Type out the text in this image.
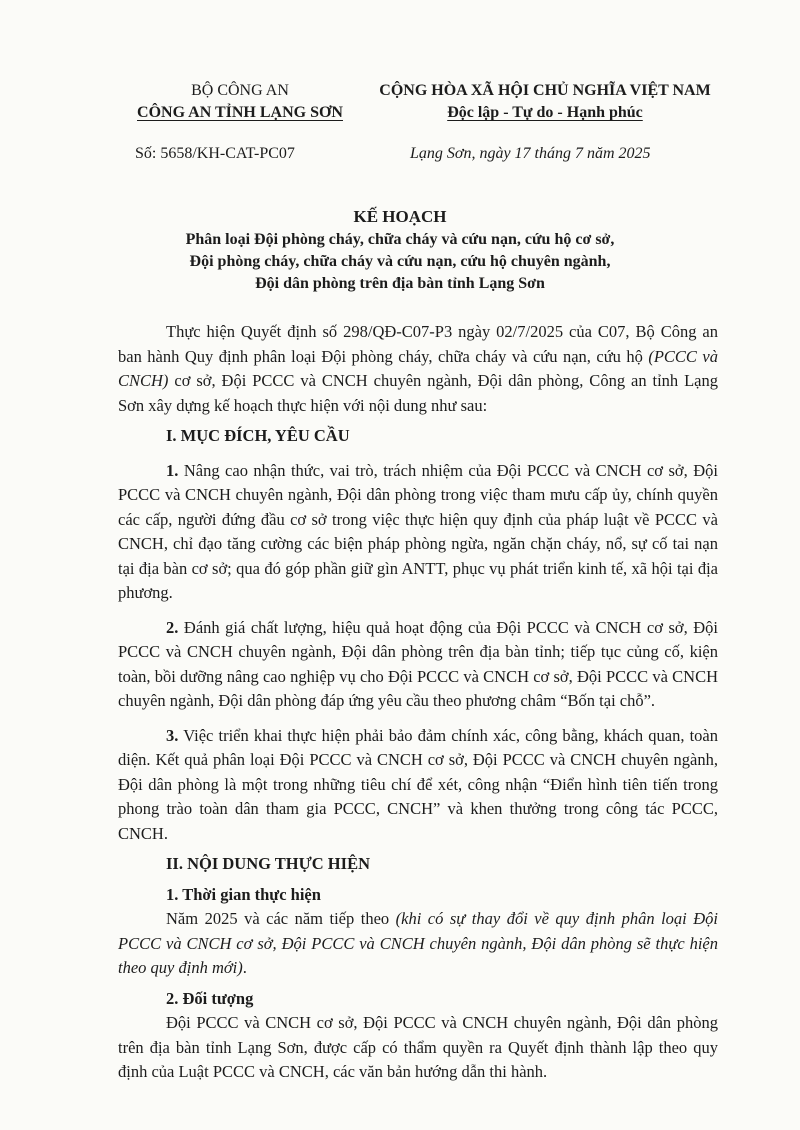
BỘ CÔNG AN
CÔNG AN TỈNH LẠNG SƠN
CỘNG HÒA XÃ HỘI CHỦ NGHĨA VIỆT NAM
Độc lập - Tự do - Hạnh phúc
Số: 5658/KH-CAT-PC07	Lạng Sơn, ngày 17 tháng 7 năm 2025
KẾ HOẠCH
Phân loại Đội phòng cháy, chữa cháy và cứu nạn, cứu hộ cơ sở,
Đội phòng cháy, chữa cháy và cứu nạn, cứu hộ chuyên ngành,
Đội dân phòng trên địa bàn tỉnh Lạng Sơn

Thực hiện Quyết định số 298/QĐ-C07-P3 ngày 02/7/2025 của C07, Bộ Công an ban hành Quy định phân loại Đội phòng cháy, chữa cháy và cứu nạn, cứu hộ (PCCC và CNCH) cơ sở, Đội PCCC và CNCH chuyên ngành, Đội dân phòng, Công an tỉnh Lạng Sơn xây dựng kế hoạch thực hiện với nội dung như sau:

I. MỤC ĐÍCH, YÊU CẦU

1. Nâng cao nhận thức, vai trò, trách nhiệm của Đội PCCC và CNCH cơ sở, Đội PCCC và CNCH chuyên ngành, Đội dân phòng trong việc tham mưu cấp ủy, chính quyền các cấp, người đứng đầu cơ sở trong việc thực hiện quy định của pháp luật về PCCC và CNCH, chỉ đạo tăng cường các biện pháp phòng ngừa, ngăn chặn cháy, nổ, sự cố tai nạn tại địa bàn cơ sở; qua đó góp phần giữ gìn ANTT, phục vụ phát triển kinh tế, xã hội tại địa phương.

2. Đánh giá chất lượng, hiệu quả hoạt động của Đội PCCC và CNCH cơ sở, Đội PCCC và CNCH chuyên ngành, Đội dân phòng trên địa bàn tỉnh; tiếp tục củng cố, kiện toàn, bồi dưỡng nâng cao nghiệp vụ cho Đội PCCC và CNCH cơ sở, Đội PCCC và CNCH chuyên ngành, Đội dân phòng đáp ứng yêu cầu theo phương châm “Bốn tại chỗ”.

3. Việc triển khai thực hiện phải bảo đảm chính xác, công bằng, khách quan, toàn diện. Kết quả phân loại Đội PCCC và CNCH cơ sở, Đội PCCC và CNCH chuyên ngành, Đội dân phòng là một trong những tiêu chí để xét, công nhận “Điển hình tiên tiến trong phong trào toàn dân tham gia PCCC, CNCH” và khen thưởng trong công tác PCCC, CNCH.

II. NỘI DUNG THỰC HIỆN

1. Thời gian thực hiện

Năm 2025 và các năm tiếp theo (khi có sự thay đổi về quy định phân loại Đội PCCC và CNCH cơ sở, Đội PCCC và CNCH chuyên ngành, Đội dân phòng sẽ thực hiện theo quy định mới).

2. Đối tượng

Đội PCCC và CNCH cơ sở, Đội PCCC và CNCH chuyên ngành, Đội dân phòng trên địa bàn tỉnh Lạng Sơn, được cấp có thẩm quyền ra Quyết định thành lập theo quy định của Luật PCCC và CNCH, các văn bản hướng dẫn thi hành.
